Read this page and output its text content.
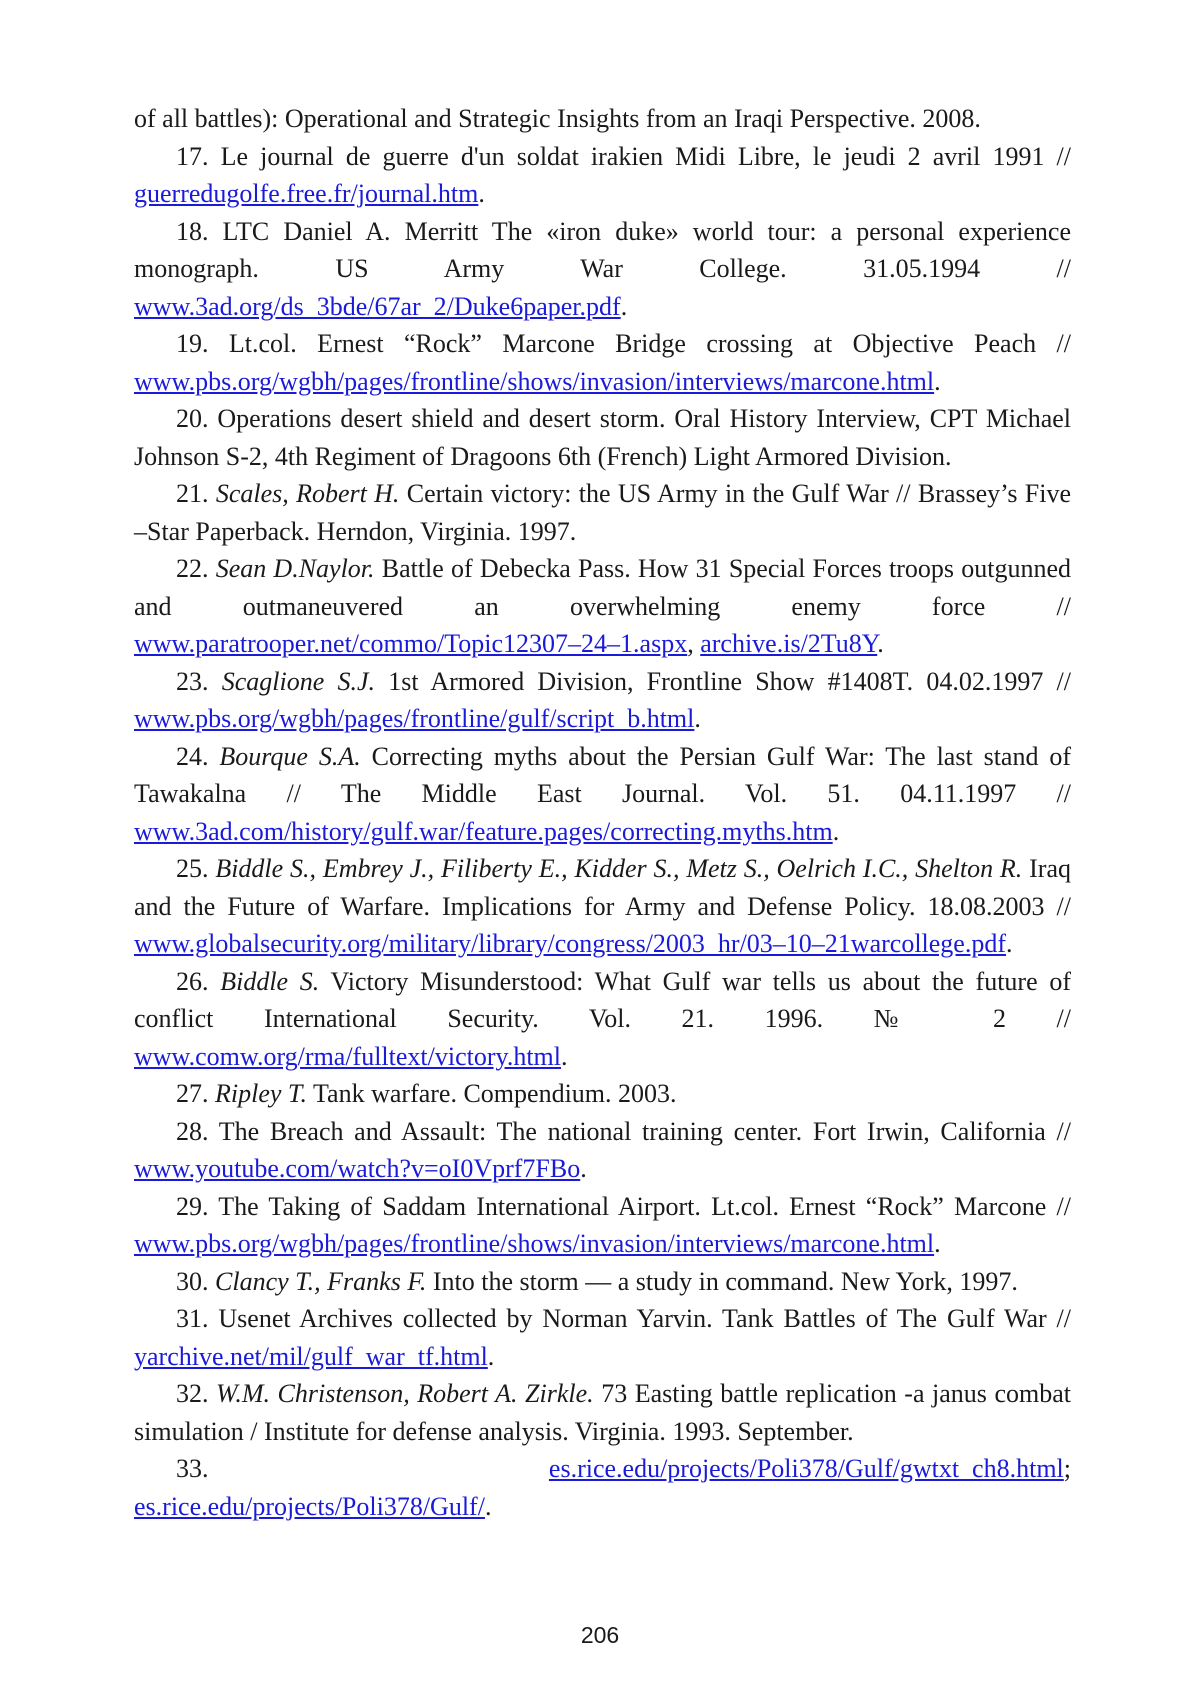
of all battles): Operational and Strategic Insights from an Iraqi Perspective. 2008.

17. Le journal de guerre d'un soldat irakien Midi Libre, le jeudi 2 avril 1991 // guerredugolfe.free.fr/journal.htm.

18. LTC Daniel A. Merritt The «iron duke» world tour: a personal experience monograph. US Army War College. 31.05.1994 // www.3ad.org/ds_3bde/67ar_2/Duke6paper.pdf.

19. Lt.col. Ernest “Rock” Marcone Bridge crossing at Objective Peach // www.pbs.org/wgbh/pages/frontline/shows/invasion/interviews/marcone.html.

20. Operations desert shield and desert storm. Oral History Interview, CPT Michael Johnson S-2, 4th Regiment of Dragoons 6th (French) Light Armored Division.

21. Scales, Robert H. Certain victory: the US Army in the Gulf War // Brassey’s Five –Star Paperback. Herndon, Virginia. 1997.

22. Sean D.Naylor. Battle of Debecka Pass. How 31 Special Forces troops outgunned and outmaneuvered an overwhelming enemy force // www.paratrooper.net/commo/Topic12307–24–1.aspx, archive.is/2Tu8Y.

23. Scaglione S.J. 1st Armored Division, Frontline Show #1408T. 04.02.1997 // www.pbs.org/wgbh/pages/frontline/gulf/script_b.html.

24. Bourque S.A. Correcting myths about the Persian Gulf War: The last stand of Tawakalna // The Middle East Journal. Vol. 51. 04.11.1997 // www.3ad.com/history/gulf.war/feature.pages/correcting.myths.htm.

25. Biddle S., Embrey J., Filiberty E., Kidder S., Metz S., Oelrich I.C., Shelton R. Iraq and the Future of Warfare. Implications for Army and Defense Policy. 18.08.2003 // www.globalsecurity.org/military/library/congress/2003_hr/03–10–21warcollege.pdf.

26. Biddle S. Victory Misunderstood: What Gulf war tells us about the future of conflict International Security. Vol. 21. 1996. № 2 // www.comw.org/rma/fulltext/victory.html.

27. Ripley T. Tank warfare. Compendium. 2003.

28. The Breach and Assault: The national training center. Fort Irwin, California // www.youtube.com/watch?v=oI0Vprf7FBo.

29. The Taking of Saddam International Airport. Lt.col. Ernest “Rock” Marcone // www.pbs.org/wgbh/pages/frontline/shows/invasion/interviews/marcone.html.

30. Clancy T., Franks F. Into the storm — a study in command. New York, 1997.

31. Usenet Archives collected by Norman Yarvin. Tank Battles of The Gulf War // yarchive.net/mil/gulf_war_tf.html.

32. W.M. Christenson, Robert A. Zirkle. 73 Easting battle replication -a janus combat simulation / Institute for defense analysis. Virginia. 1993. September.

33. es.rice.edu/projects/Poli378/Gulf/gwtxt_ch8.html; es.rice.edu/projects/Poli378/Gulf/.

206
